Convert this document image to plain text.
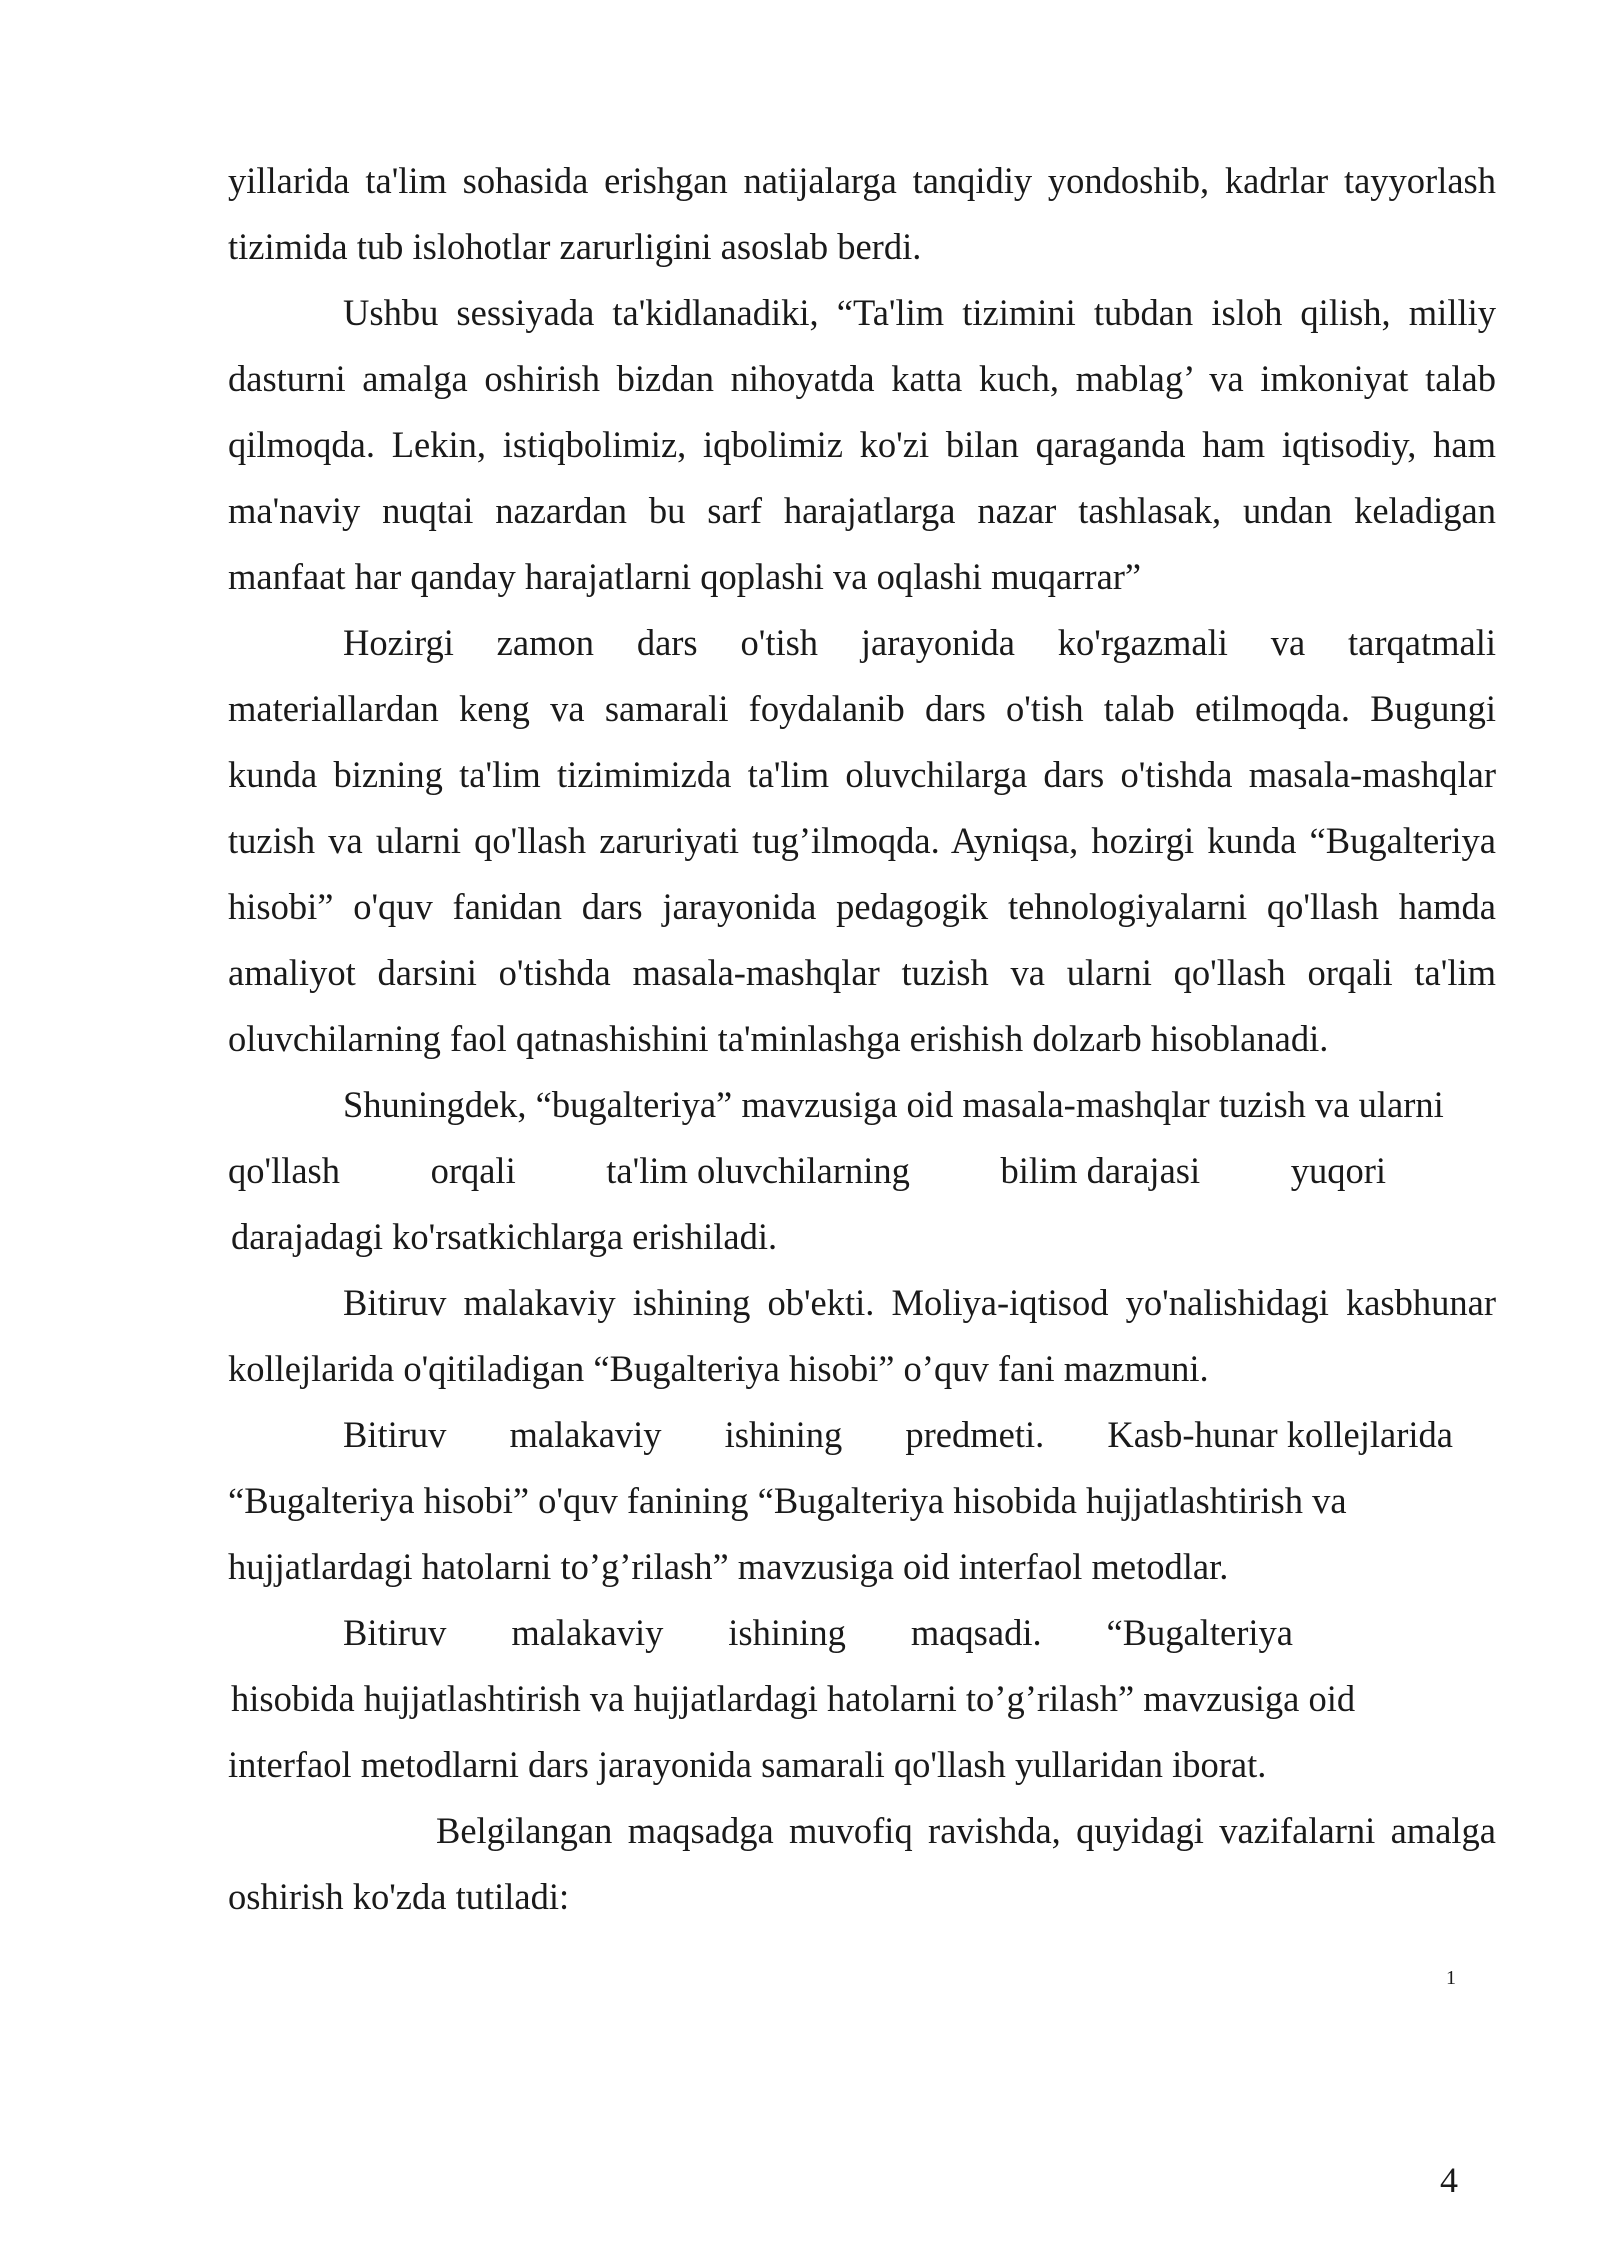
yillarida ta'lim sohasida erishgan natijalarga tanqidiy yondoshib, kadrlar tayyorlash
tizimida tub islohotlar zarurligini asoslab berdi.
Ushbu sessiyada ta'kidlanadiki, “Ta'lim tizimini tubdan isloh qilish, milliy
dasturni amalga oshirish bizdan nihoyatda katta kuch, mablag’ va imkoniyat talab
qilmoqda. Lekin, istiqbolimiz, iqbolimiz ko'zi bilan qaraganda ham iqtisodiy, ham
ma'naviy nuqtai nazardan bu sarf harajatlarga nazar tashlasak, undan keladigan
manfaat har qanday harajatlarni qoplashi va oqlashi muqarrar”
Hozirgi zamon dars o'tish jarayonida ko'rgazmali va tarqatmali
materiallardan keng va samarali foydalanib dars o'tish talab etilmoqda. Bugungi
kunda bizning ta'lim tizimimizda ta'lim oluvchilarga dars o'tishda masala-mashqlar
tuzish va ularni qo'llash zaruriyati tug’ilmoqda. Ayniqsa, hozirgi kunda “Bugalteriya
hisobi” o'quv fanidan dars jarayonida pedagogik tehnologiyalarni qo'llash hamda
amaliyot darsini o'tishda masala-mashqlar tuzish va ularni qo'llash orqali ta'lim
oluvchilarning faol qatnashishini ta'minlashga erishish dolzarb hisoblanadi.
Shuningdek, “bugalteriya” mavzusiga oid masala-mashqlar tuzish va ularni
qo'llash orqali ta'lim oluvchilarning bilim darajasi yuqori
darajadagi ko'rsatkichlarga erishiladi.
Bitiruv malakaviy ishining ob'ekti. Moliya-iqtisod yo'nalishidagi kasbhunar
kollejlarida o'qitiladigan “Bugalteriya hisobi” o’quv fani mazmuni.
Bitiruv malakaviy ishining predmeti. Kasb-hunar kollejlarida
“Bugalteriya hisobi” o'quv fanining “Bugalteriya hisobida hujjatlashtirish va
hujjatlardagi hatolarni to’g’rilash” mavzusiga oid interfaol metodlar.
Bitiruv malakaviy ishining maqsadi. “Bugalteriya
hisobida hujjatlashtirish va hujjatlardagi hatolarni to’g’rilash” mavzusiga oid
interfaol metodlarni dars jarayonida samarali qo'llash yullaridan iborat.
Belgilangan maqsadga muvofiq ravishda, quyidagi vazifalarni amalga
oshirish ko'zda tutiladi:
1
4
